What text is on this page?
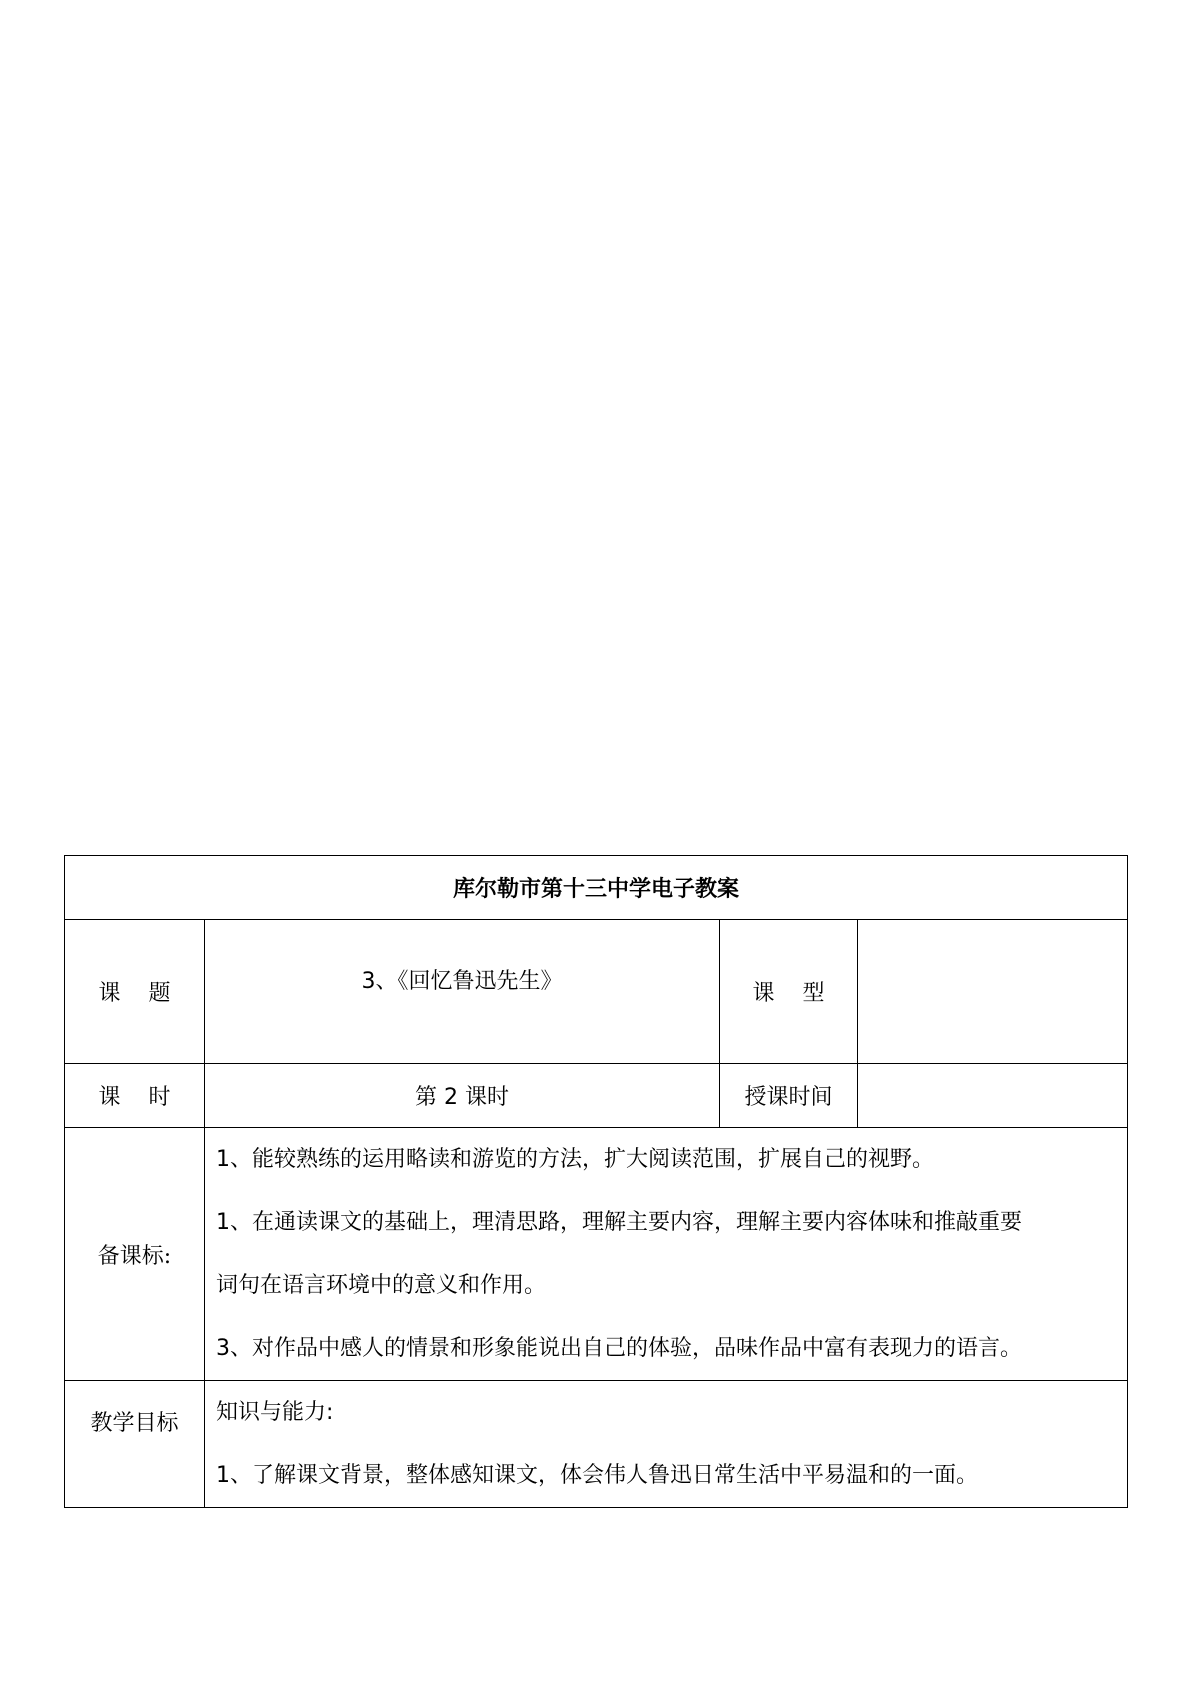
库尔勒市第十三中学电子教案			
课 题	3、《回忆鲁迅先生》	课 型	
课 时	第 2 课时	授课时间	
备课标:	1、能较熟练的运用略读和游览的方法，扩大阅读范围，扩展自己的视野。
1、在通读课文的基础上，理清思路，理解主要内容，理解主要内容体味和推敲重要
词句在语言环境中的意义和作用。
3、对作品中感人的情景和形象能说出自己的体验，品味作品中富有表现力的语言。		

教学目标	知识与能力:
1、了解课文背景，整体感知课文，体会伟人鲁迅日常生活中平易温和的一面。		
